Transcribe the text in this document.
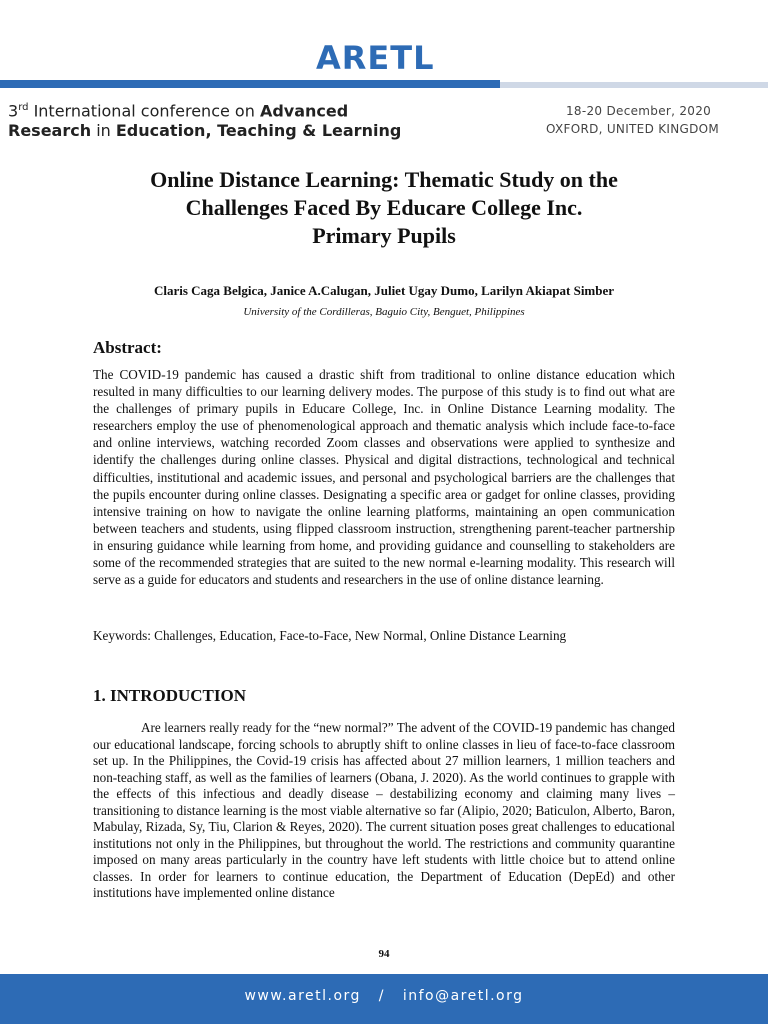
ARETL
3rd International conference on Advanced
Research in Education, Teaching & Learning
18-20 December, 2020
OXFORD, UNITED KINGDOM
Online Distance Learning: Thematic Study on the
Challenges Faced By Educare College Inc.
Primary Pupils
Claris Caga Belgica, Janice A.Calugan, Juliet Ugay Dumo, Larilyn Akiapat Simber
University of the Cordilleras, Baguio City, Benguet, Philippines
Abstract:
The COVID-19 pandemic has caused a drastic shift from traditional to online distance education which resulted in many difficulties to our learning delivery modes. The purpose of this study is to find out what are the challenges of primary pupils in Educare College, Inc. in Online Distance Learning modality. The researchers employ the use of phenomenological approach and thematic analysis which include face-to-face and online interviews, watching recorded Zoom classes and observations were applied to synthesize and identify the challenges during online classes. Physical and digital distractions, technological and technical difficulties, institutional and academic issues, and personal and psychological barriers are the challenges that the pupils encounter during online classes. Designating a specific area or gadget for online classes, providing intensive training on how to navigate the online learning platforms, maintaining an open communication between teachers and students, using flipped classroom instruction, strengthening parent-teacher partnership in ensuring guidance while learning from home, and providing guidance and counselling to stakeholders are some of the recommended strategies that are suited to the new normal e-learning modality. This research will serve as a guide for educators and students and researchers in the use of online distance learning.
Keywords: Challenges, Education, Face-to-Face, New Normal, Online Distance Learning
1. INTRODUCTION
Are learners really ready for the “new normal?” The advent of the COVID-19 pandemic has changed our educational landscape, forcing schools to abruptly shift to online classes in lieu of face-to-face classroom set up. In the Philippines, the Covid-19 crisis has affected about 27 million learners, 1 million teachers and non-teaching staff, as well as the families of learners (Obana, J. 2020). As the world continues to grapple with the effects of this infectious and deadly disease – destabilizing economy and claiming many lives – transitioning to distance learning is the most viable alternative so far (Alipio, 2020; Baticulon, Alberto, Baron, Mabulay, Rizada, Sy, Tiu, Clarion & Reyes, 2020). The current situation poses great challenges to educational institutions not only in the Philippines, but throughout the world. The restrictions and community quarantine imposed on many areas particularly in the country have left students with little choice but to attend online classes. In order for learners to continue education, the Department of Education (DepEd) and other institutions have implemented online distance
94
www.aretl.org   /   info@aretl.org
